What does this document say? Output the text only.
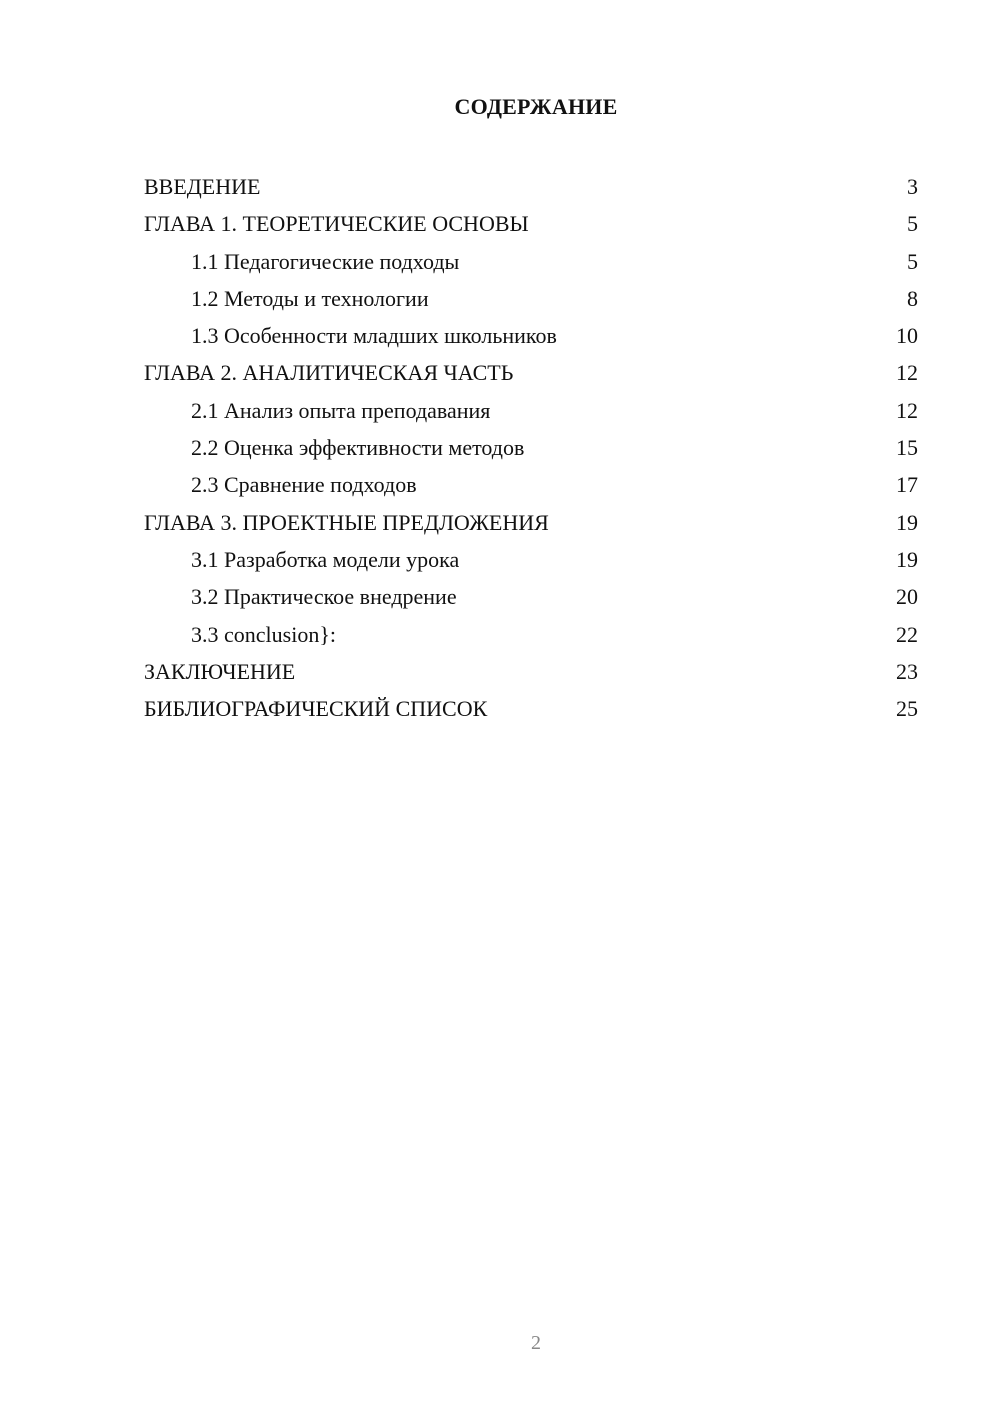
СОДЕРЖАНИЕ
ВВЕДЕНИЕ	3
ГЛАВА 1. ТЕОРЕТИЧЕСКИЕ ОСНОВЫ	5
1.1 Педагогические подходы	5
1.2 Методы и технологии	8
1.3 Особенности младших школьников	10
ГЛАВА 2. АНАЛИТИЧЕСКАЯ ЧАСТЬ	12
2.1 Анализ опыта преподавания	12
2.2 Оценка эффективности методов	15
2.3 Сравнение подходов	17
ГЛАВА 3. ПРОЕКТНЫЕ ПРЕДЛОЖЕНИЯ	19
3.1 Разработка модели урока	19
3.2 Практическое внедрение	20
3.3 conclusion}:	22
ЗАКЛЮЧЕНИЕ	23
БИБЛИОГРАФИЧЕСКИЙ СПИСОК	25
2
